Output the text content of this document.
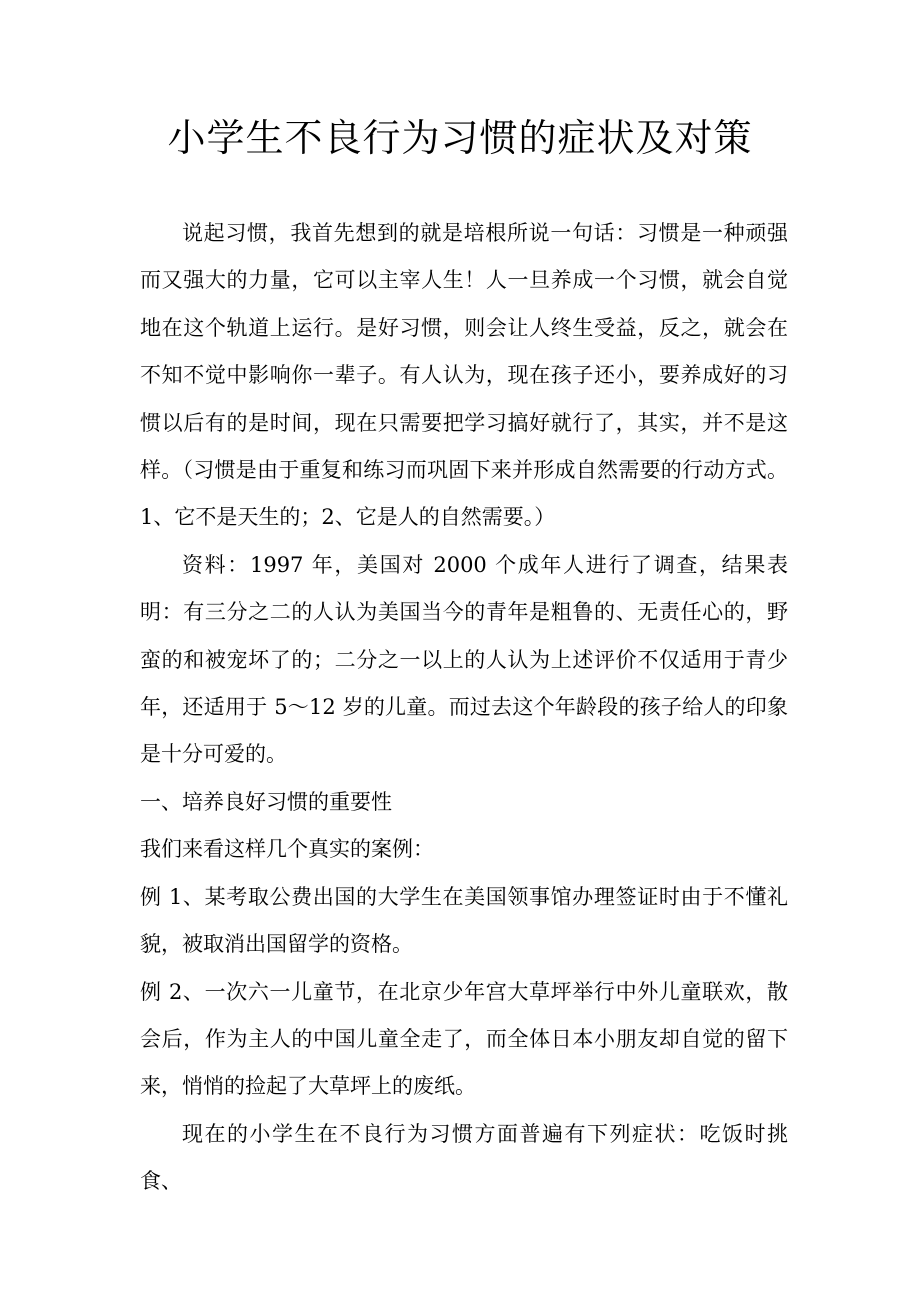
小学生不良行为习惯的症状及对策

说起习惯，我首先想到的就是培根所说一句话：习惯是一种顽强而又强大的力量，它可以主宰人生！人一旦养成一个习惯，就会自觉地在这个轨道上运行。是好习惯，则会让人终生受益，反之，就会在不知不觉中影响你一辈子。有人认为，现在孩子还小，要养成好的习惯以后有的是时间，现在只需要把学习搞好就行了，其实，并不是这样。（习惯是由于重复和练习而巩固下来并形成自然需要的行动方式。1、它不是天生的；2、它是人的自然需要。）

资料：1997 年，美国对 2000 个成年人进行了调查，结果表明：有三分之二的人认为美国当今的青年是粗鲁的、无责任心的，野蛮的和被宠坏了的；二分之一以上的人认为上述评价不仅适用于青少年，还适用于 5～12 岁的儿童。而过去这个年龄段的孩子给人的印象是十分可爱的。

一、培养良好习惯的重要性

我们来看这样几个真实的案例：

例 1、某考取公费出国的大学生在美国领事馆办理签证时由于不懂礼貌，被取消出国留学的资格。

例 2、一次六一儿童节，在北京少年宫大草坪举行中外儿童联欢，散会后，作为主人的中国儿童全走了，而全体日本小朋友却自觉的留下来，悄悄的捡起了大草坪上的废纸。

现在的小学生在不良行为习惯方面普遍有下列症状：吃饭时挑食、
